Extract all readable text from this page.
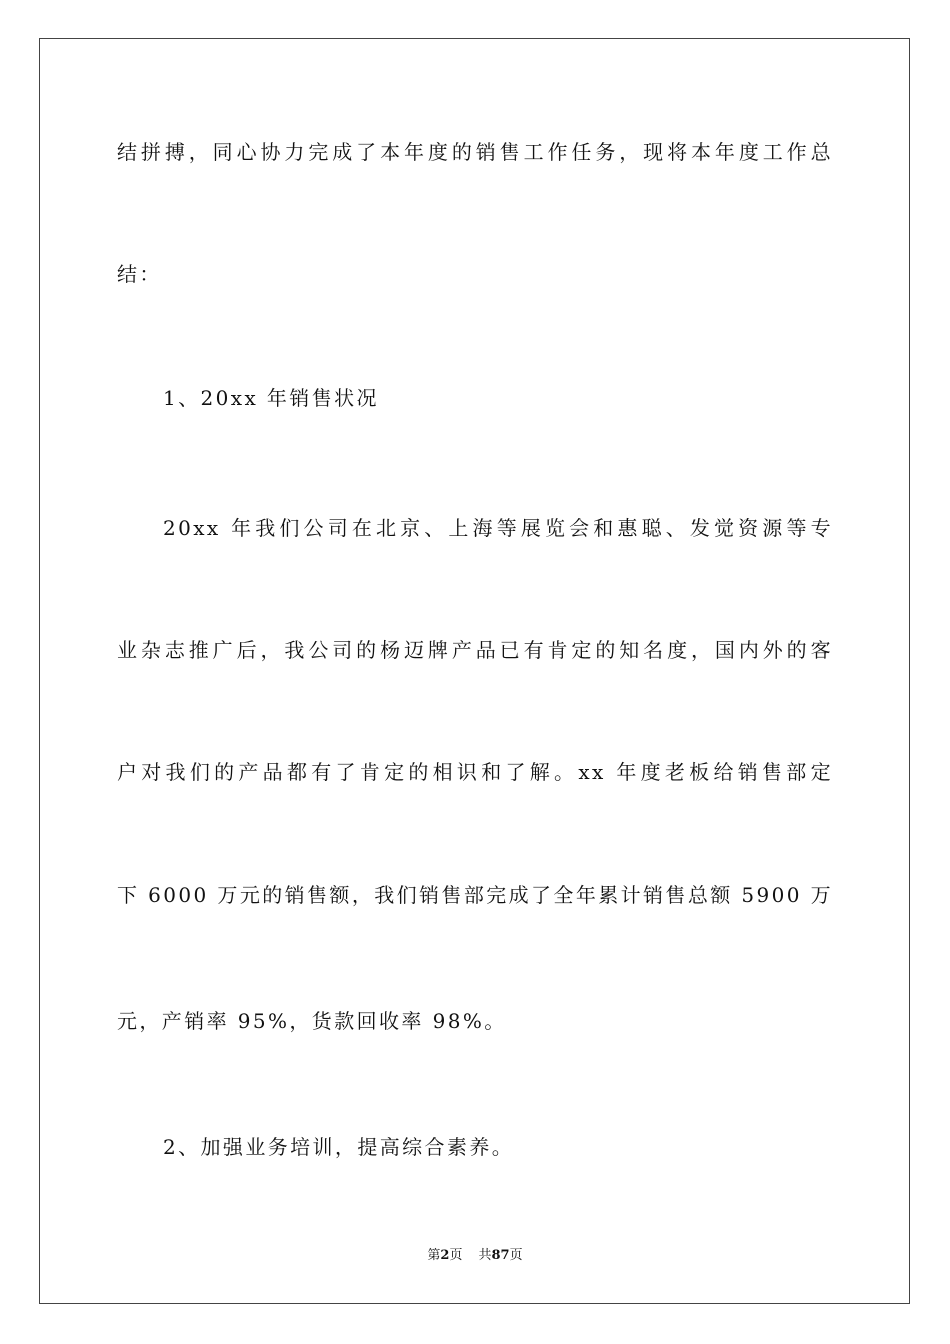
结拼搏，同心协力完成了本年度的销售工作任务，现将本年度工作总
结：
1、20xx 年销售状况
20xx 年我们公司在北京、上海等展览会和惠聪、发觉资源等专
业杂志推广后，我公司的杨迈牌产品已有肯定的知名度，国内外的客
户对我们的产品都有了肯定的相识和了解。xx 年度老板给销售部定
下 6000 万元的销售额，我们销售部完成了全年累计销售总额 5900 万
元，产销率 95%，货款回收率 98%。
2、加强业务培训，提高综合素养。
第2页 共87页
